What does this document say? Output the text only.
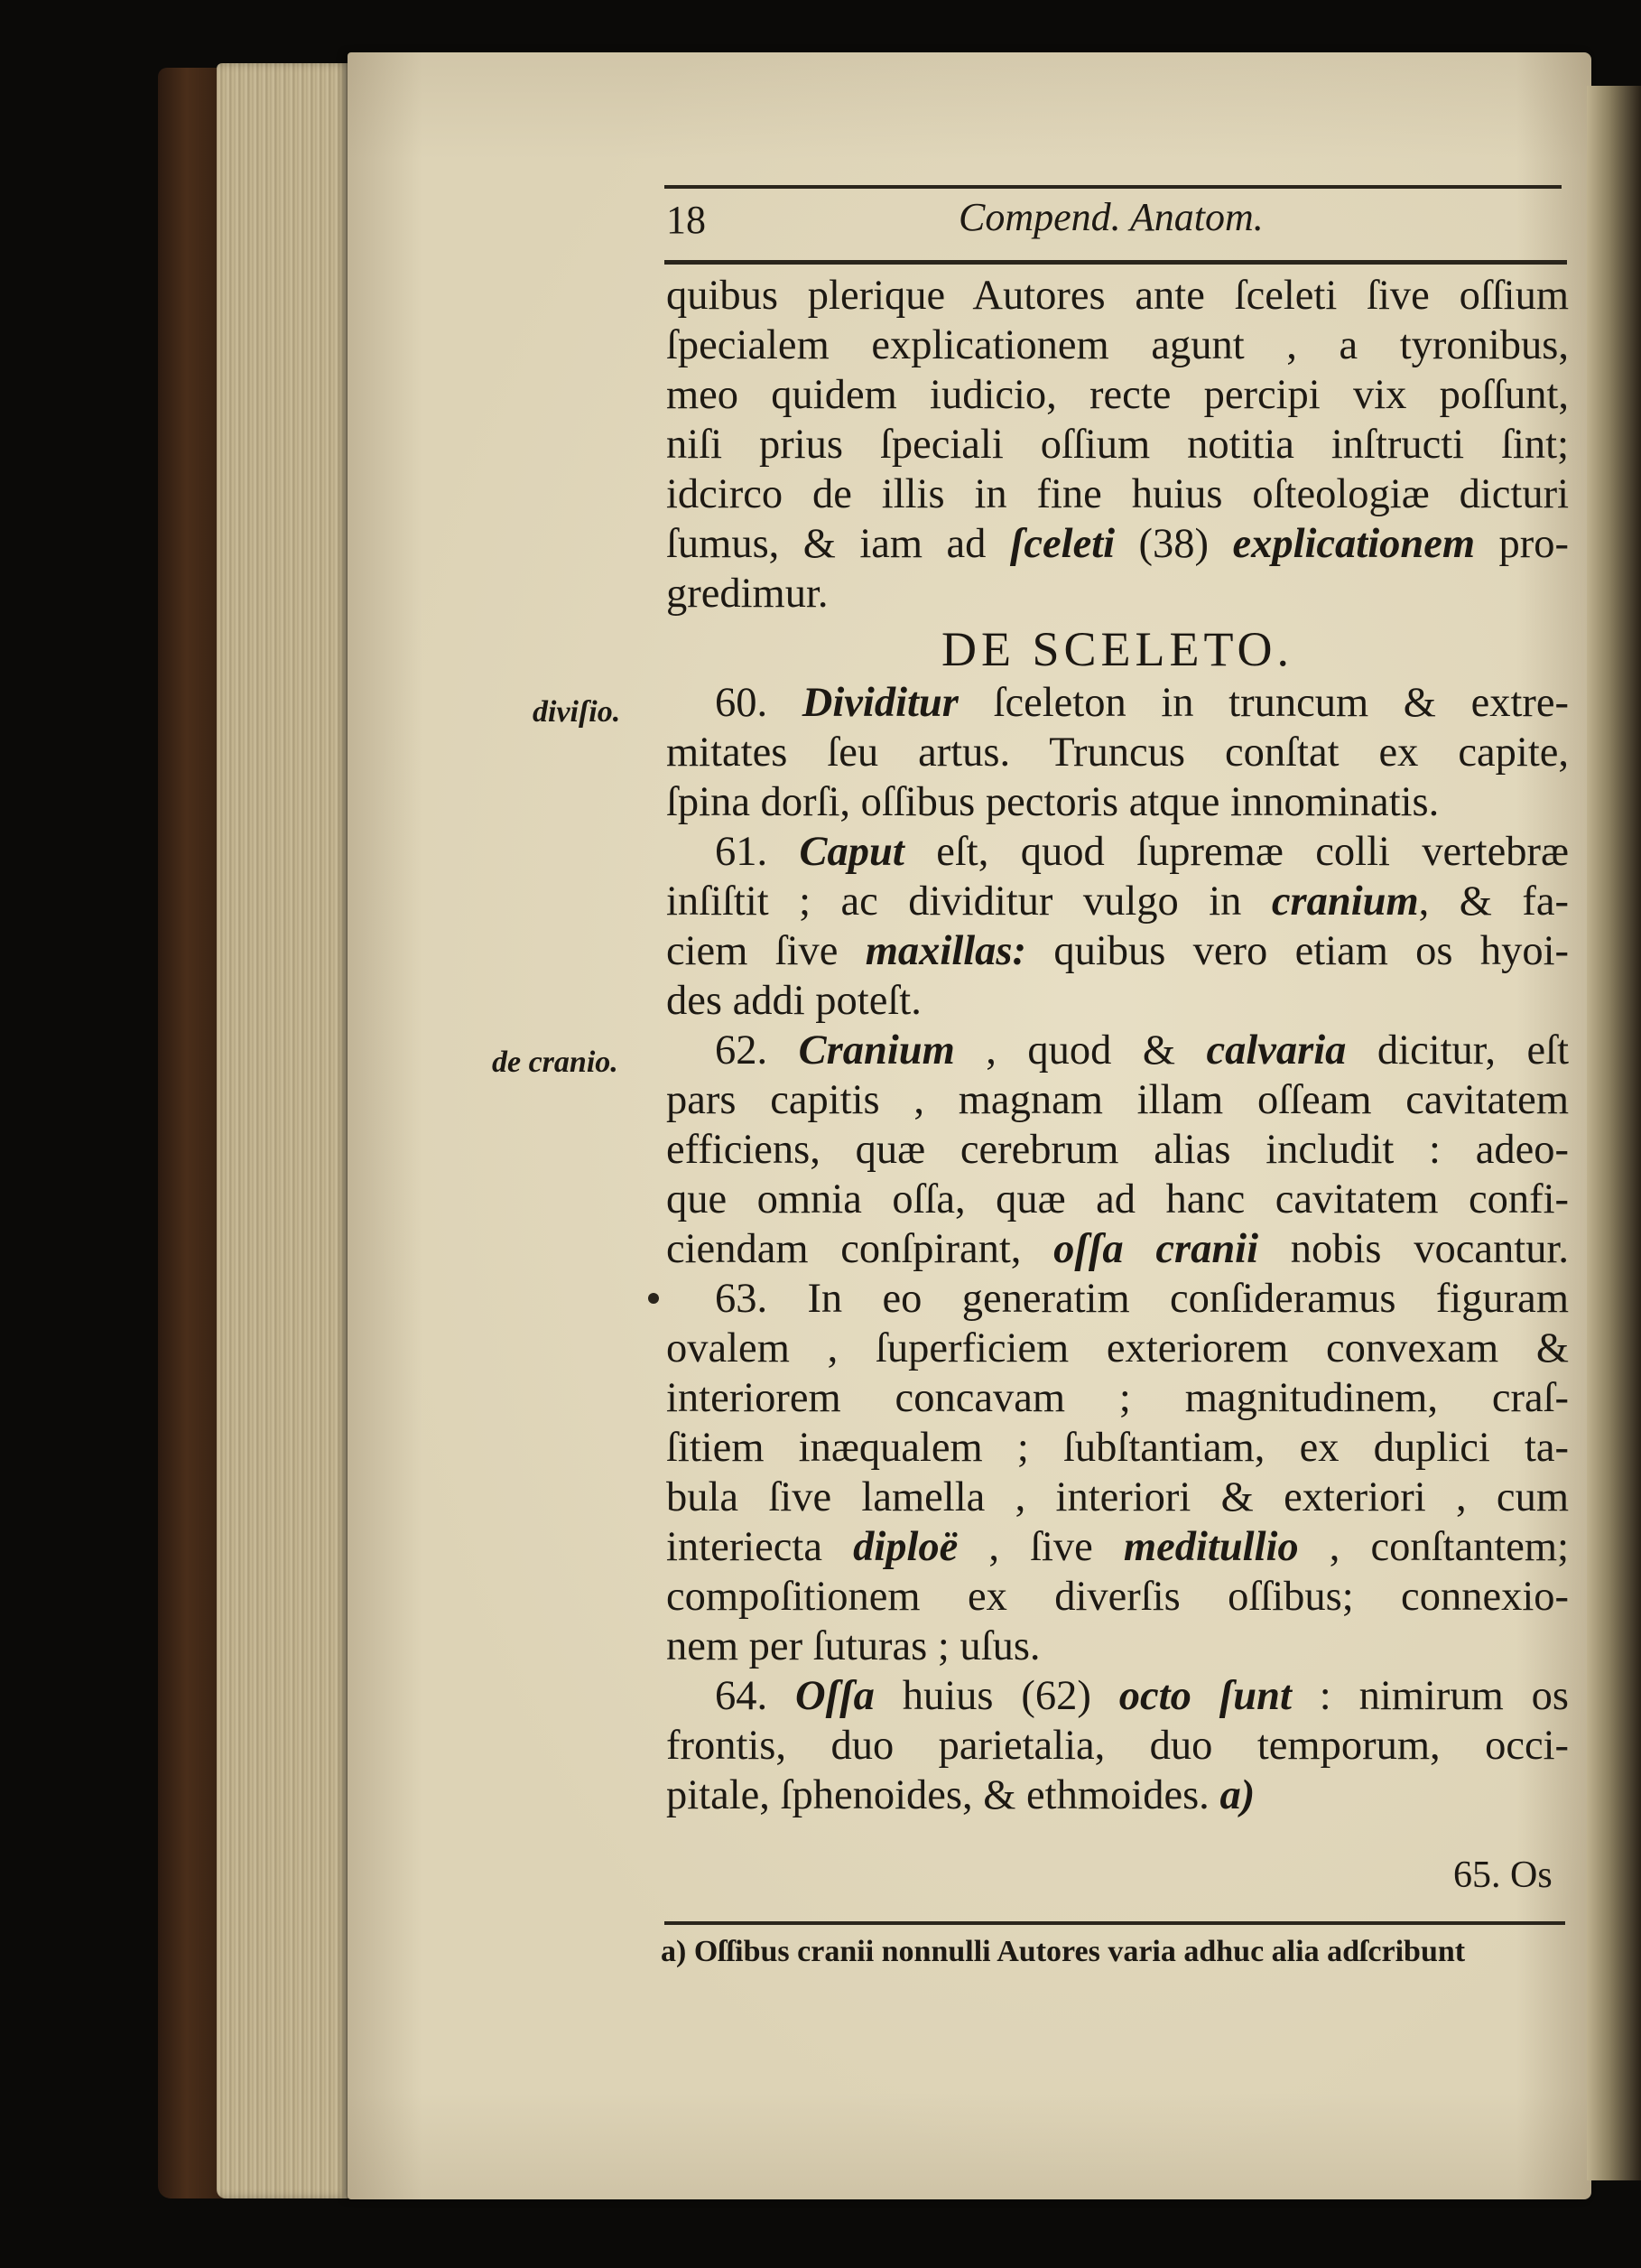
18	Compend. Anatom.
quibus plerique Autores ante ſceleti ſive oſſium
ſpecialem explicationem agunt , a tyronibus,
meo quidem iudicio, recte percipi vix poſſunt,
niſi prius ſpeciali oſſium notitia inſtructi ſint;
idcirco de illis in fine huius oſteologiæ dicturi
ſumus, & iam ad ſceleti (38) explicationem pro-
gredimur.
DE SCELETO.
60. Dividitur ſceleton in truncum & extre-
mitates ſeu artus. Truncus conſtat ex capite,
ſpina dorſi, oſſibus pectoris atque innominatis.
61. Caput eſt, quod ſupremæ colli vertebræ
inſiſtit ; ac dividitur vulgo in cranium, & fa-
ciem ſive maxillas: quibus vero etiam os hyoi-
des addi poteſt.
62. Cranium , quod & calvaria dicitur, eſt
pars capitis , magnam illam oſſeam cavitatem
efficiens, quæ cerebrum alias includit : adeo-
que omnia oſſa, quæ ad hanc cavitatem confi-
ciendam conſpirant, oſſa cranii nobis vocantur.
63. In eo generatim conſideramus figuram
ovalem , ſuperficiem exteriorem convexam &
interiorem concavam ; magnitudinem, craſ-
ſitiem inæqualem ; ſubſtantiam, ex duplici ta-
bula ſive lamella , interiori & exteriori , cum
interiecta diploë , ſive meditullio , conſtantem;
compoſitionem ex diverſis oſſibus; connexio-
nem per ſuturas ; uſus.
64. Oſſa huius (62) octo ſunt : nimirum os
frontis, duo parietalia, duo temporum, occi-
pitale, ſphenoides, & ethmoides. a)
diviſio.
de cranio.
65. Os
a) Oſſibus cranii nonnulli Autores varia adhuc alia adſcribunt
